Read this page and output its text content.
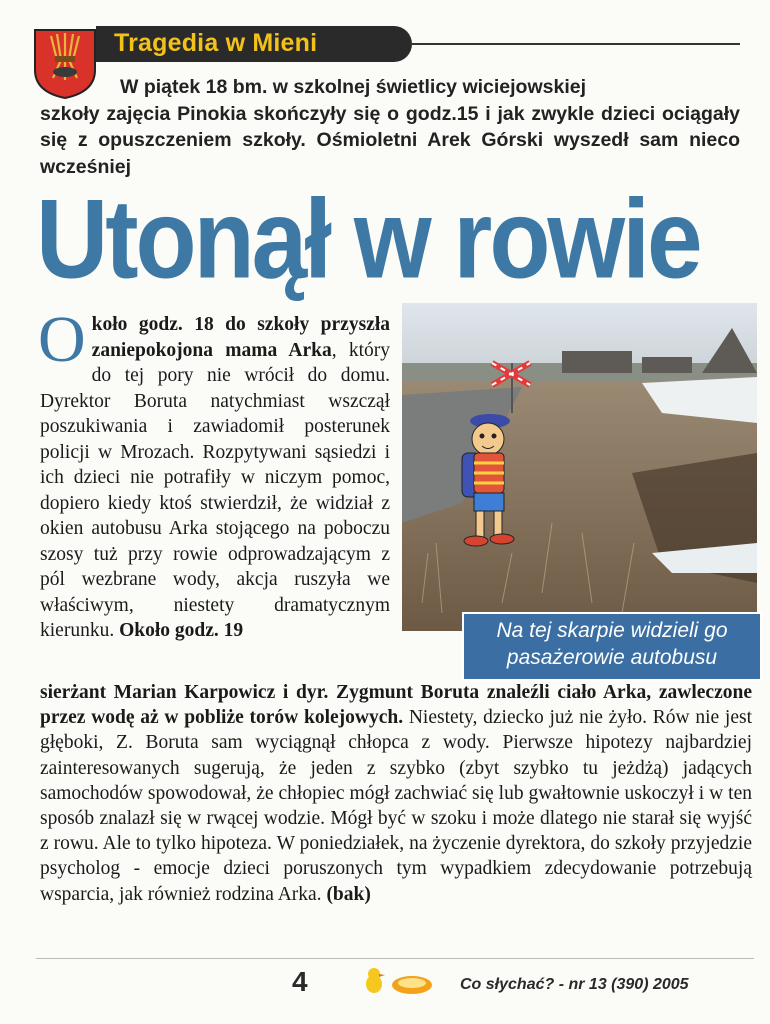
Tragedia w Mieni
W piątek 18 bm. w szkolnej świetlicy wiciejowskiej
szkoły zajęcia Pinokia skończyły się o godz.15 i jak zwykle dzieci ociągały się z opuszczeniem szkoły. Ośmioletni Arek Górski wyszedł sam nieco wcześniej
Utonął w rowie
Na tej skarpie widzieli go
pasażerowie autobusu
Około godz. 18 do szkoły przyszła zaniepokojona mama Arka, który do tej pory nie wrócił do domu. Dyrektor Boruta natychmiast wszczął poszukiwania i zawiadomił posterunek policji w Mrozach. Rozpytywani sąsiedzi i ich dzieci nie potrafiły w niczym pomoc, dopiero kiedy ktoś stwierdził, że widział z okien autobusu Arka stojącego na poboczu szosy tuż przy rowie odprowadzającym z pól wezbrane wody, akcja ruszyła we właściwym, niestety dramatycznym kierunku. Około godz. 19
sierżant Marian Karpowicz i dyr. Zygmunt Boruta znaleźli ciało Arka, zawleczone przez wodę aż w pobliże torów kolejowych. Niestety, dziecko już nie żyło. Rów nie jest głęboki, Z. Boruta sam wyciągnął chłopca z wody. Pierwsze hipotezy najbardziej zainteresowanych sugerują, że jeden z szybko (zbyt szybko tu jeżdżą) jadących samochodów spowodował, że chłopiec mógł zachwiać się lub gwałtownie uskoczył i w ten sposób znalazł się w rwącej wodzie. Mógł być w szoku i może dlatego nie starał się wyjść z rowu. Ale to tylko hipoteza. W poniedziałek, na życzenie dyrektora, do szkoły przyjedzie psycholog - emocje dzieci poruszonych tym wypadkiem zdecydowanie potrzebują wsparcia, jak również rodzina Arka. (bak)
4	Co słychać? - nr 13 (390) 2005
